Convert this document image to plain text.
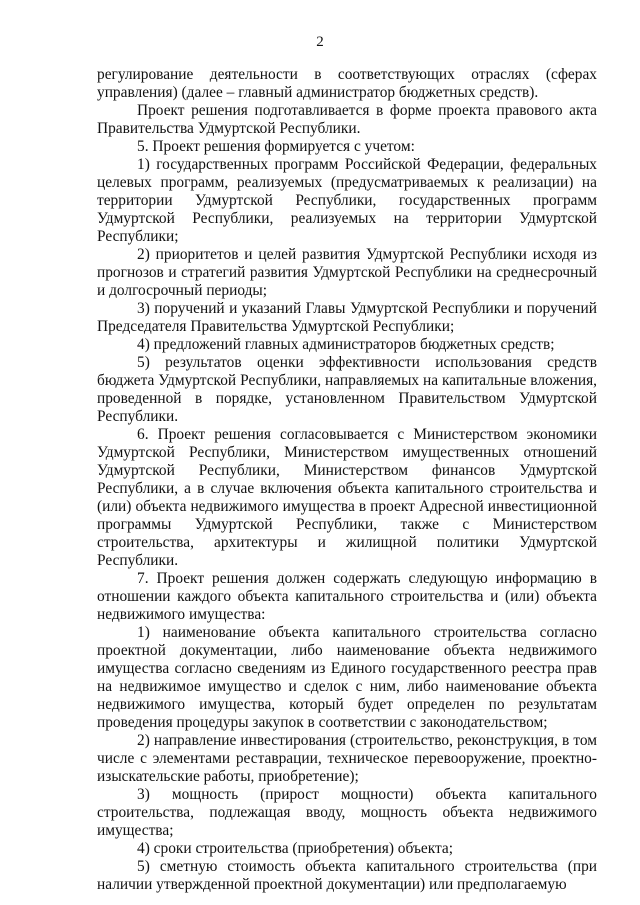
2

регулирование деятельности в соответствующих отраслях (сферах управления) (далее – главный администратор бюджетных средств).

Проект решения подготавливается в форме проекта правового акта Правительства Удмуртской Республики.

5. Проект решения формируется с учетом:

1) государственных программ Российской Федерации, федеральных целевых программ, реализуемых (предусматриваемых к реализации) на территории Удмуртской Республики, государственных программ Удмуртской Республики, реализуемых на территории Удмуртской Республики;

2) приоритетов и целей развития Удмуртской Республики исходя из прогнозов и стратегий развития Удмуртской Республики на среднесрочный и долгосрочный периоды;

3) поручений и указаний Главы Удмуртской Республики и поручений Председателя Правительства Удмуртской Республики;

4) предложений главных администраторов бюджетных средств;

5) результатов оценки эффективности использования средств бюджета Удмуртской Республики, направляемых на капитальные вложения, проведенной в порядке, установленном Правительством Удмуртской Республики.

6. Проект решения согласовывается с Министерством экономики Удмуртской Республики, Министерством имущественных отношений Удмуртской Республики, Министерством финансов Удмуртской Республики, а в случае включения объекта капитального строительства и (или) объекта недвижимого имущества в проект Адресной инвестиционной программы Удмуртской Республики, также с Министерством строительства, архитектуры и жилищной политики Удмуртской Республики.

7. Проект решения должен содержать следующую информацию в отношении каждого объекта капитального строительства и (или) объекта недвижимого имущества:

1) наименование объекта капитального строительства согласно проектной документации, либо наименование объекта недвижимого имущества согласно сведениям из Единого государственного реестра прав на недвижимое имущество и сделок с ним, либо наименование объекта недвижимого имущества, который будет определен по результатам проведения процедуры закупок в соответствии с законодательством;

2) направление инвестирования (строительство, реконструкция, в том числе с элементами реставрации, техническое перевооружение, проектно-изыскательские работы, приобретение);

3) мощность (прирост мощности) объекта капитального строительства, подлежащая вводу, мощность объекта недвижимого имущества;

4) сроки строительства (приобретения) объекта;

5) сметную стоимость объекта капитального строительства (при наличии утвержденной проектной документации) или предполагаемую
